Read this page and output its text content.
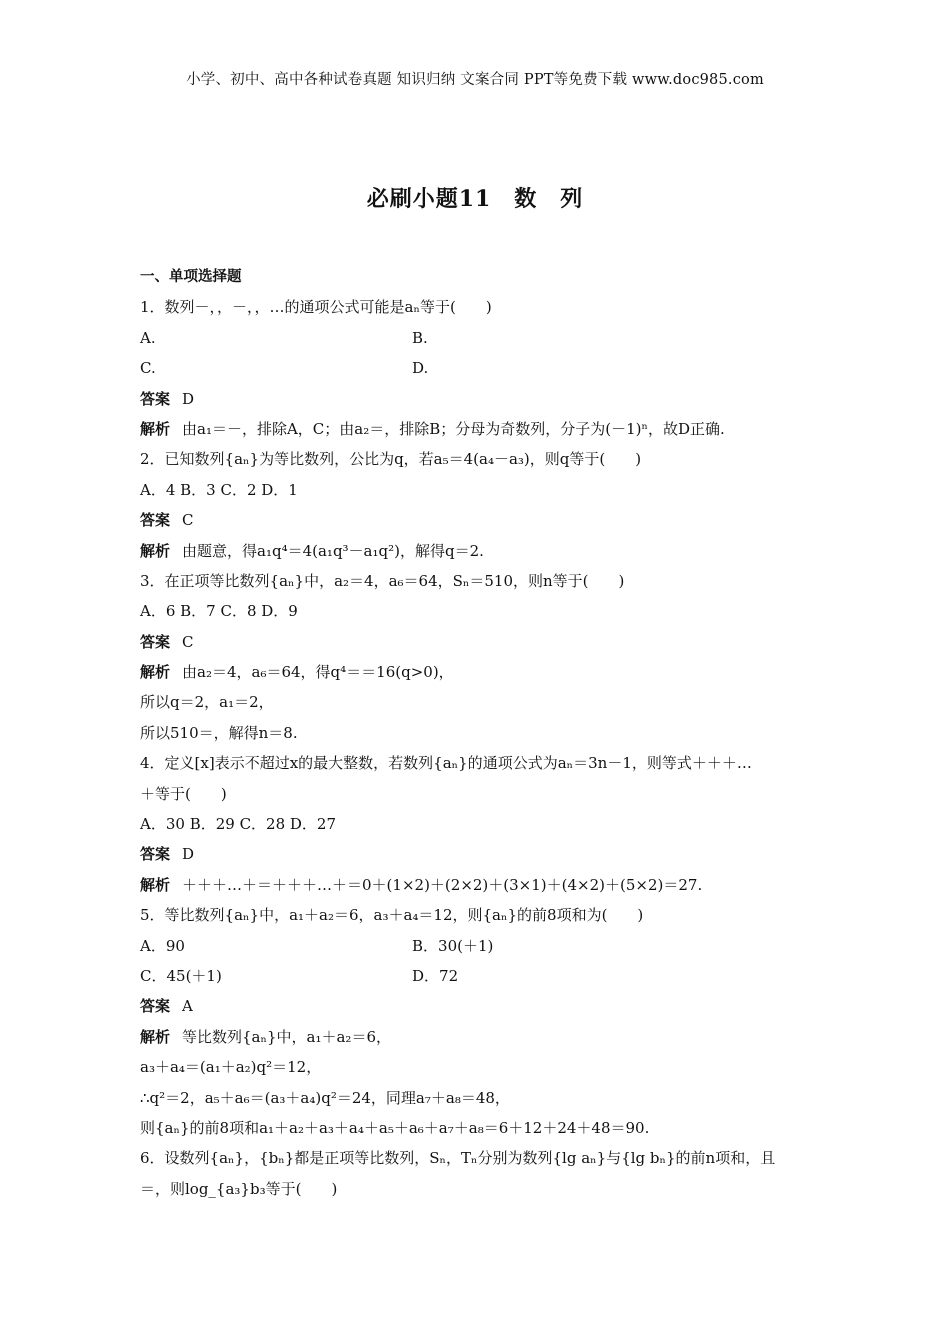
小学、初中、高中各种试卷真题 知识归纳 文案合同 PPT等免费下载 www.doc985.com
必刷小题11　数　列
一、单项选择题
1．数列－，，－，，…的通项公式可能是aₙ等于(　　)
A.	B.
C.	D.
答案 D
解析 由a₁＝－，排除A，C；由a₂＝，排除B；分母为奇数列，分子为(－1)ⁿ，故D正确.
2．已知数列{aₙ}为等比数列，公比为q，若a₅＝4(a₄－a₃)，则q等于(　　)
A．4 B．3 C．2 D．1
答案 C
解析 由题意，得a₁q⁴＝4(a₁q³－a₁q²)，解得q＝2.
3．在正项等比数列{aₙ}中，a₂＝4，a₆＝64，Sₙ＝510，则n等于(　　)
A．6 B．7 C．8 D．9
答案 C
解析 由a₂＝4，a₆＝64，得q⁴＝＝16(q>0)，
所以q＝2，a₁＝2，
所以510＝，解得n＝8.
4．定义[x]表示不超过x的最大整数，若数列{aₙ}的通项公式为aₙ＝3n－1，则等式＋＋＋…
＋等于(　　)
A．30 B．29 C．28 D．27
答案 D
解析 ＋＋＋…＋＝＋＋＋…＋＝0＋(1×2)＋(2×2)＋(3×1)＋(4×2)＋(5×2)＝27.
5．等比数列{aₙ}中，a₁＋a₂＝6，a₃＋a₄＝12，则{aₙ}的前8项和为(　　)
A．90	B．30(＋1)
C．45(＋1)	D．72
答案 A
解析 等比数列{aₙ}中，a₁＋a₂＝6，
a₃＋a₄＝(a₁＋a₂)q²＝12，
∴q²＝2，a₅＋a₆＝(a₃＋a₄)q²＝24，同理a₇＋a₈＝48，
则{aₙ}的前8项和a₁＋a₂＋a₃＋a₄＋a₅＋a₆＋a₇＋a₈＝6＋12＋24＋48＝90.
6．设数列{aₙ}，{bₙ}都是正项等比数列，Sₙ，Tₙ分别为数列{lg aₙ}与{lg bₙ}的前n项和，且
＝，则log_{a₃}b₃等于(　　)
